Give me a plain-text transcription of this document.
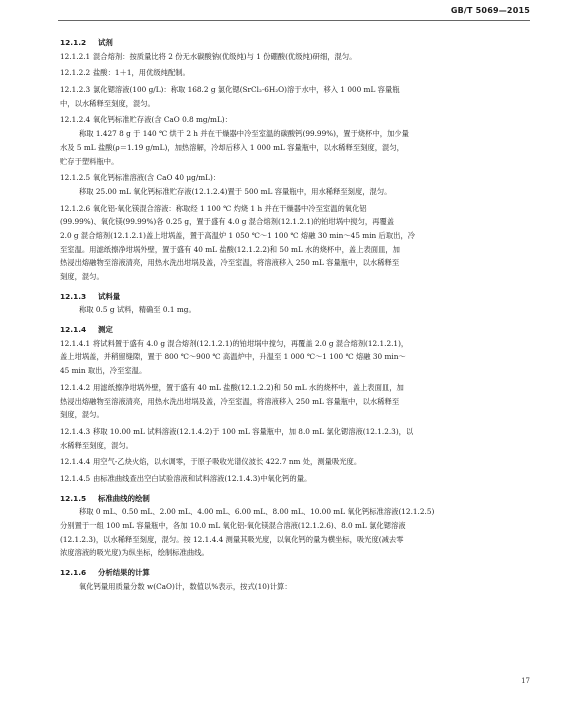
GB/T 5069—2015
12.1.2 试剂
12.1.2.1 混合熔剂：按质量比将 2 份无水碳酸钠(优级纯)与 1 份硼酸(优级纯)研细，混匀。
12.1.2.2 盐酸：1＋1，用优级纯配制。
12.1.2.3 氯化锶溶液(100 g/L)：称取 168.2 g 氯化锶(SrCl₂·6H₂O)溶于水中，移入 1 000 mL 容量瓶
中，以水稀释至刻度，混匀。
12.1.2.4 氧化钙标准贮存液(含 CaO 0.8 mg/mL)：
称取 1.427 8 g 于 140 ℃ 烘干 2 h 并在干燥器中冷至室温的碳酸钙(99.99%)，置于烧杯中，加少量
水及 5 mL 盐酸(ρ＝1.19 g/mL)，加热溶解，冷却后移入 1 000 mL 容量瓶中，以水稀释至刻度，混匀，
贮存于塑料瓶中。
12.1.2.5 氧化钙标准溶液(含 CaO 40 μg/mL)：
移取 25.00 mL 氧化钙标准贮存液(12.1.2.4)置于 500 mL 容量瓶中，用水稀释至刻度，混匀。
12.1.2.6 氧化铝-氧化镁混合溶液：称取经 1 100 ℃ 灼烧 1 h 并在干燥器中冷至室温的氧化铝
(99.99%)、氧化镁(99.99%)各 0.25 g，置于盛有 4.0 g 混合熔剂(12.1.2.1)的铂坩埚中搅匀，再覆盖
2.0 g 混合熔剂(12.1.2.1)盖上坩埚盖，置于高温炉 1 050 ℃～1 100 ℃ 熔融 30 min～45 min 后取出，冷
至室温。用滤纸擦净坩埚外壁，置于盛有 40 mL 盐酸(12.1.2.2)和 50 mL 水的烧杯中，盖上表面皿，加
热浸出熔融物至溶液清亮，用热水洗出坩埚及盖，冷至室温，将溶液移入 250 mL 容量瓶中，以水稀释至
刻度，混匀。
12.1.3 试料量
称取 0.5 g 试料，精确至 0.1 mg。
12.1.4 测定
12.1.4.1 将试料置于盛有 4.0 g 混合熔剂(12.1.2.1)的铂坩埚中搅匀，再覆盖 2.0 g 混合熔剂(12.1.2.1)，
盖上坩埚盖，并稍留缝隙，置于 800 ℃～900 ℃ 高温炉中，升温至 1 000 ℃～1 100 ℃ 熔融 30 min～
45 min 取出，冷至室温。
12.1.4.2 用滤纸擦净坩埚外壁，置于盛有 40 mL 盐酸(12.1.2.2)和 50 mL 水的烧杯中，盖上表面皿，加
热浸出熔融物至溶液清亮，用热水洗出坩埚及盖，冷至室温，将溶液移入 250 mL 容量瓶中，以水稀释至
刻度，混匀。
12.1.4.3 移取 10.00 mL 试料溶液(12.1.4.2)于 100 mL 容量瓶中，加 8.0 mL 氯化锶溶液(12.1.2.3)，以
水稀释至刻度，混匀。
12.1.4.4 用空气-乙炔火焰，以水调零，于原子吸收光谱仪波长 422.7 nm 处，测量吸光度。
12.1.4.5 由标准曲线查出空白试验溶液和试料溶液(12.1.4.3)中氧化钙的量。
12.1.5 标准曲线的绘制
移取 0 mL、0.50 mL、2.00 mL、4.00 mL、6.00 mL、8.00 mL、10.00 mL 氧化钙标准溶液(12.1.2.5)
分别置于一组 100 mL 容量瓶中，各加 10.0 mL 氧化铝-氧化镁混合溶液(12.1.2.6)、8.0 mL 氯化锶溶液
(12.1.2.3)，以水稀释至刻度，混匀。按 12.1.4.4 测量其吸光度，以氧化钙的量为横坐标，吸光度(减去零
浓度溶液的吸光度)为纵坐标，绘制标准曲线。
12.1.6 分析结果的计算
氧化钙量用质量分数 w(CaO)计，数值以%表示，按式(10)计算：
17
